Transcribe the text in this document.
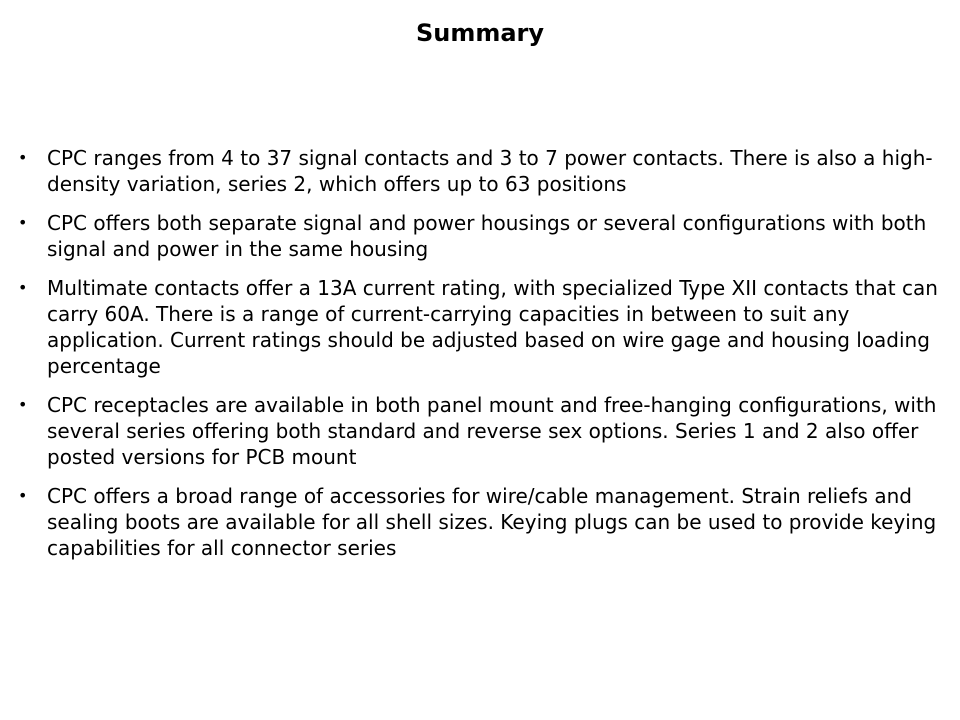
Summary
• CPC ranges from 4 to 37 signal contacts and 3 to 7 power contacts. There is also a high-density variation, series 2, which offers up to 63 positions
• CPC offers both separate signal and power housings or several configurations with both signal and power in the same housing
• Multimate contacts offer a 13A current rating, with specialized Type XII contacts that can carry 60A. There is a range of current-carrying capacities in between to suit any application. Current ratings should be adjusted based on wire gage and housing loading percentage
• CPC receptacles are available in both panel mount and free-hanging configurations, with several series offering both standard and reverse sex options. Series 1 and 2 also offer posted versions for PCB mount
• CPC offers a broad range of accessories for wire/cable management. Strain reliefs and sealing boots are available for all shell sizes. Keying plugs can be used to provide keying capabilities for all connector series
